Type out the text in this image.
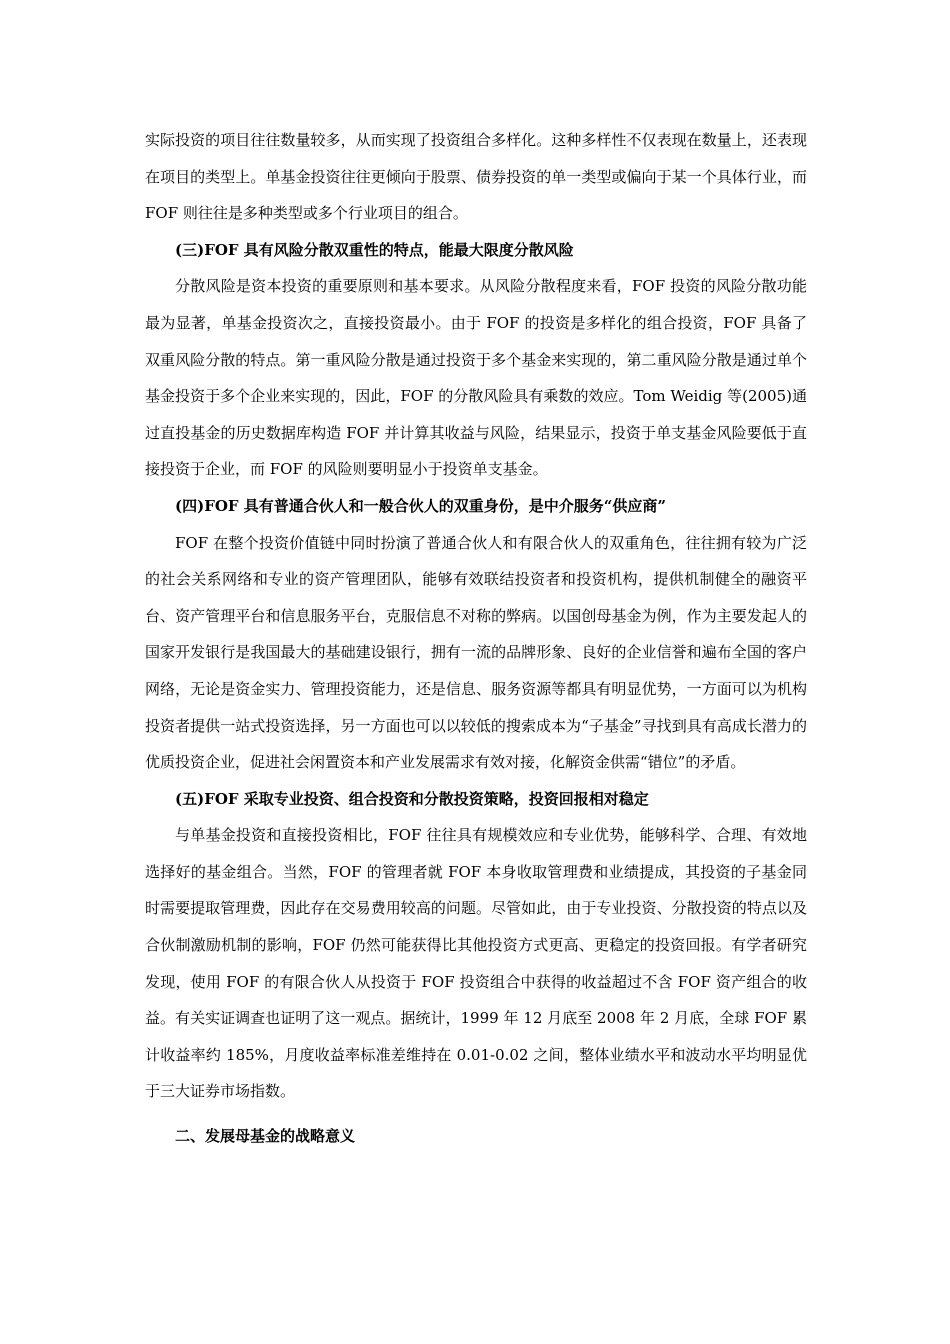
实际投资的项目往往数量较多，从而实现了投资组合多样化。这种多样性不仅表现在数量上，还表现在项目的类型上。单基金投资往往更倾向于股票、债券投资的单一类型或偏向于某一个具体行业，而 FOF 则往往是多种类型或多个行业项目的组合。

(三)FOF 具有风险分散双重性的特点，能最大限度分散风险

分散风险是资本投资的重要原则和基本要求。从风险分散程度来看，FOF 投资的风险分散功能最为显著，单基金投资次之，直接投资最小。由于 FOF 的投资是多样化的组合投资，FOF 具备了双重风险分散的特点。第一重风险分散是通过投资于多个基金来实现的，第二重风险分散是通过单个基金投资于多个企业来实现的，因此，FOF 的分散风险具有乘数的效应。Tom Weidig 等(2005)通过直投基金的历史数据库构造 FOF 并计算其收益与风险，结果显示，投资于单支基金风险要低于直接投资于企业，而 FOF 的风险则要明显小于投资单支基金。

(四)FOF 具有普通合伙人和一般合伙人的双重身份，是中介服务“供应商”

FOF 在整个投资价值链中同时扮演了普通合伙人和有限合伙人的双重角色，往往拥有较为广泛的社会关系网络和专业的资产管理团队，能够有效联结投资者和投资机构，提供机制健全的融资平台、资产管理平台和信息服务平台，克服信息不对称的弊病。以国创母基金为例，作为主要发起人的国家开发银行是我国最大的基础建设银行，拥有一流的品牌形象、良好的企业信誉和遍布全国的客户网络，无论是资金实力、管理投资能力，还是信息、服务资源等都具有明显优势，一方面可以为机构投资者提供一站式投资选择，另一方面也可以以较低的搜索成本为“子基金”寻找到具有高成长潜力的优质投资企业，促进社会闲置资本和产业发展需求有效对接，化解资金供需“错位”的矛盾。

(五)FOF 采取专业投资、组合投资和分散投资策略，投资回报相对稳定

与单基金投资和直接投资相比，FOF 往往具有规模效应和专业优势，能够科学、合理、有效地选择好的基金组合。当然，FOF 的管理者就 FOF 本身收取管理费和业绩提成，其投资的子基金同时需要提取管理费，因此存在交易费用较高的问题。尽管如此，由于专业投资、分散投资的特点以及合伙制激励机制的影响，FOF 仍然可能获得比其他投资方式更高、更稳定的投资回报。有学者研究发现，使用 FOF 的有限合伙人从投资于 FOF 投资组合中获得的收益超过不含 FOF 资产组合的收益。有关实证调查也证明了这一观点。据统计，1999 年 12 月底至 2008 年 2 月底，全球 FOF 累计收益率约 185%，月度收益率标准差维持在 0.01-0.02 之间，整体业绩水平和波动水平均明显优于三大证券市场指数。

二、发展母基金的战略意义
